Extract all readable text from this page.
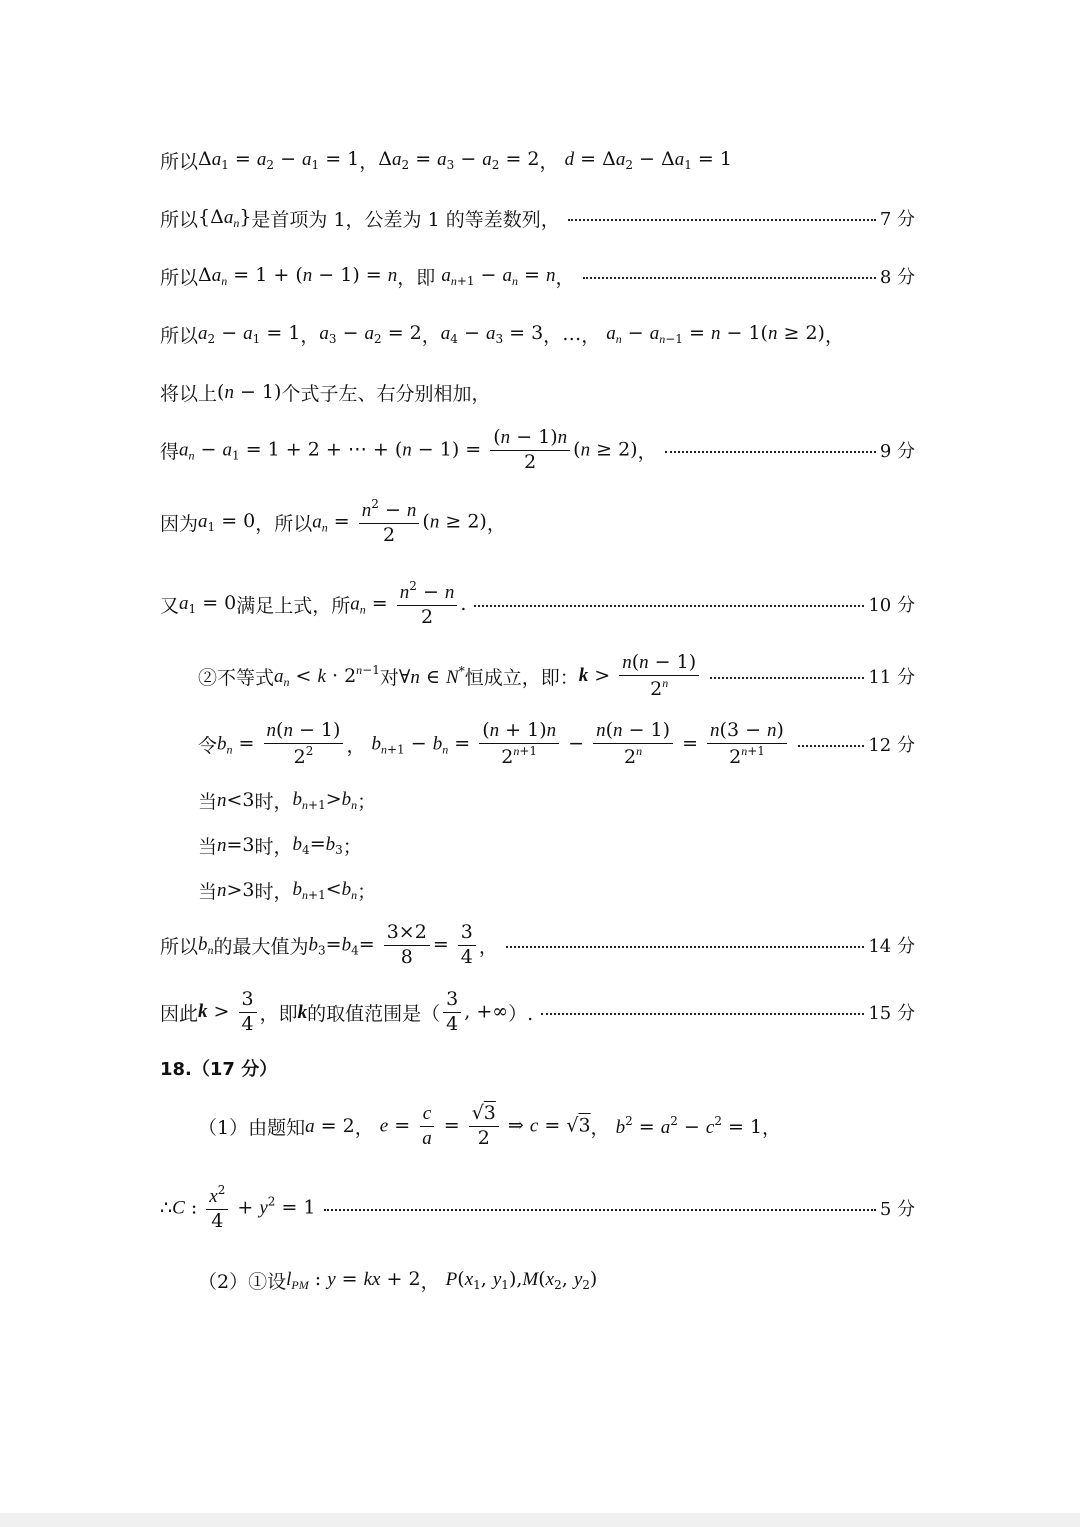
所以 $\Delta a_1 = a_2 - a_1 = 1$ ， $\Delta a_2 = a_3 - a_2 = 2$ ， $d = \Delta a_2 - \Delta a_1 = 1$
所以 $\{\Delta a_n\}$ 是首项为 1，公差为 1 的等差数列，	7 分
所以 $\Delta a_n = 1 + (n - 1) = n$ ，即 $a_{n+1} - a_n = n$ ，	8 分
所以 $a_2 - a_1 = 1$ ， $a_3 - a_2 = 2$ ， $a_4 - a_3 = 3$ ， … ， $a_n - a_{n-1} = n - 1(n \ge 2)$ ，
将以上 (n − 1) 个式子左、右分别相加，
得 $a_n - a_1 = 1 + 2$ + ⋯ + $(n - 1) = \frac{(n - 1)n}{2} (n \ge 2)$ ，	9 分
因为 $a_1 = 0$ ，所以 $a_n = \frac{n^2 - n}{2} (n \ge 2)$ ，
又 $a_1 = 0$ 满足上式，所 $a_n = \frac{n^2 - n}{2}$ .	10 分
②不等式 $a_n < k \cdot 2^{n-1}$ 对 ∀n ∈ N* 恒成立，即： $k > \frac{n(n - 1)}{2^n}$	11 分
令 $b_n = \frac{n(n - 1)}{2^2}$ ， $b_{n+1} - b_n = \frac{(n + 1)n}{2^{n+1}} - \frac{n(n - 1)}{2^n} = \frac{n(3 - n)}{2^{n+1}}$	12 分
当 n<3 时， $b_{n+1}>b_n$ ；
当 n=3 时， $b_4=b_3$ ；
当 n>3 时， $b_{n+1}<b_n$ ；
所以 $b_n$ 的最大值为 $b_3=b_4= \frac{3\times 2}{8} = \frac{3}{4}$ ，	14 分
因此 $k > \frac{3}{4}$ ，即 k 的取值范围是（ $\frac{3}{4}$ , +∞ ）.	15 分
18.（17 分）
（1）由题知 a = 2 ， $e = \frac{c}{a} = \frac{√3}{2}$ ⇒ c = √3 ， $b^2 = a^2 - c^2 = 1$ ，
∴ C : $\frac{x^2}{4} + y^2 = 1$	5 分
（2）①设 $l_{PM}$ : y = kx + 2 ， $P(x_1$, $y_1),M(x_2$, $y_2$)
